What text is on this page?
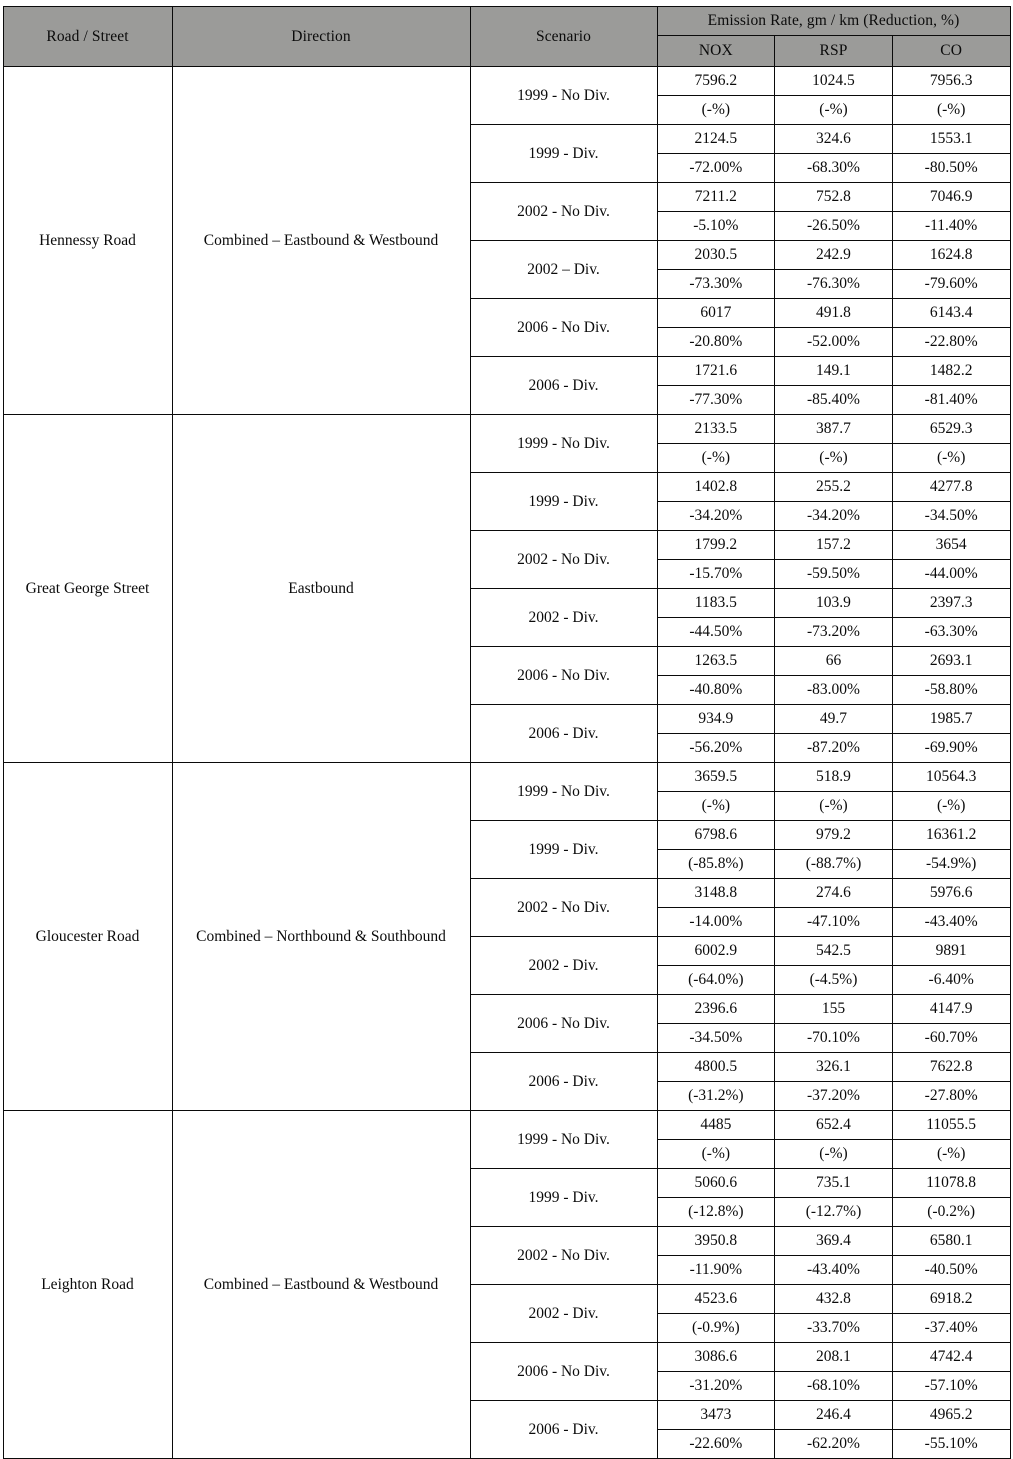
Road / Street	Direction	Scenario	Emission Rate, gm / km (Reduction, %)		
			NOX	RSP	CO
Hennessy Road	Combined – Eastbound & Westbound	1999 - No Div.	7596.2	1024.5	7956.3
			(-%)	(-%)	(-%)
		1999 - Div.	2124.5	324.6	1553.1
			-72.00%	-68.30%	-80.50%
		2002 - No Div.	7211.2	752.8	7046.9
			-5.10%	-26.50%	-11.40%
		2002 – Div.	2030.5	242.9	1624.8
			-73.30%	-76.30%	-79.60%
		2006 - No Div.	6017	491.8	6143.4
			-20.80%	-52.00%	-22.80%
		2006 - Div.	1721.6	149.1	1482.2
			-77.30%	-85.40%	-81.40%
Great George Street	Eastbound	1999 - No Div.	2133.5	387.7	6529.3
			(-%)	(-%)	(-%)
		1999 - Div.	1402.8	255.2	4277.8
			-34.20%	-34.20%	-34.50%
		2002 - No Div.	1799.2	157.2	3654
			-15.70%	-59.50%	-44.00%
		2002 - Div.	1183.5	103.9	2397.3
			-44.50%	-73.20%	-63.30%
		2006 - No Div.	1263.5	66	2693.1
			-40.80%	-83.00%	-58.80%
		2006 - Div.	934.9	49.7	1985.7
			-56.20%	-87.20%	-69.90%
Gloucester Road	Combined – Northbound & Southbound	1999 - No Div.	3659.5	518.9	10564.3
			(-%)	(-%)	(-%)
		1999 - Div.	6798.6	979.2	16361.2
			(-85.8%)	(-88.7%)	-54.9%)
		2002 - No Div.	3148.8	274.6	5976.6
			-14.00%	-47.10%	-43.40%
		2002 - Div.	6002.9	542.5	9891
			(-64.0%)	(-4.5%)	-6.40%
		2006 - No Div.	2396.6	155	4147.9
			-34.50%	-70.10%	-60.70%
		2006 - Div.	4800.5	326.1	7622.8
			(-31.2%)	-37.20%	-27.80%
Leighton Road	Combined – Eastbound & Westbound	1999 - No Div.	4485	652.4	11055.5
			(-%)	(-%)	(-%)
		1999 - Div.	5060.6	735.1	11078.8
			(-12.8%)	(-12.7%)	(-0.2%)
		2002 - No Div.	3950.8	369.4	6580.1
			-11.90%	-43.40%	-40.50%
		2002 - Div.	4523.6	432.8	6918.2
			(-0.9%)	-33.70%	-37.40%
		2006 - No Div.	3086.6	208.1	4742.4
			-31.20%	-68.10%	-57.10%
		2006 - Div.	3473	246.4	4965.2
			-22.60%	-62.20%	-55.10%
